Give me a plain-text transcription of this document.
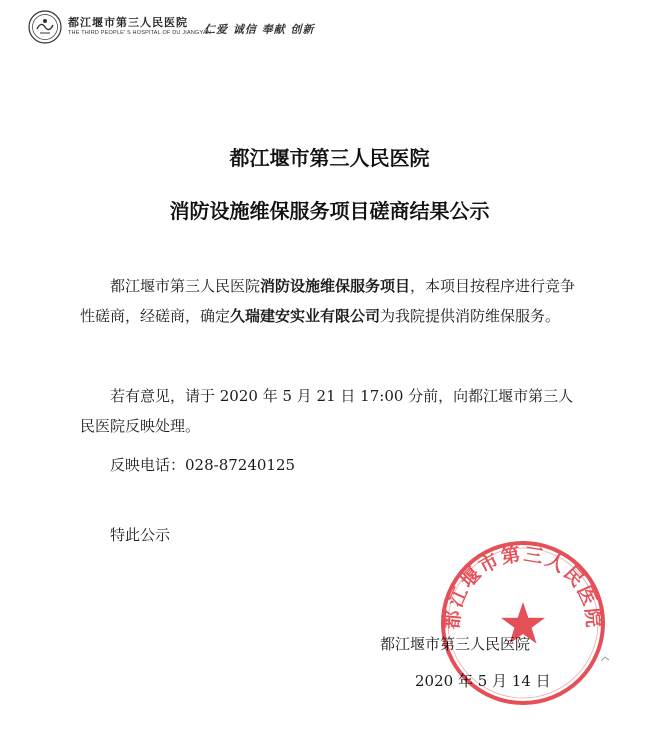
都江堰市第三人民医院
THE THIRD PEOPLE' S HOSPITAL OF DU JIANGYAN
仁爱 诚信 奉献 创新
都江堰市第三人民医院
消防设施维保服务项目磋商结果公示
都江堰市第三人民医院消防设施维保服务项目，本项目按程序进行竞争性磋商，经磋商，确定久瑞建安实业有限公司为我院提供消防维保服务。
若有意见，请于 2020 年 5 月 21 日 17:00 分前，向都江堰市第三人民医院反映处理。
反映电话：028-87240125
特此公示
都江堰市第三人民医院
2020 年 5 月 14 日
都江堰市第三人民医院
